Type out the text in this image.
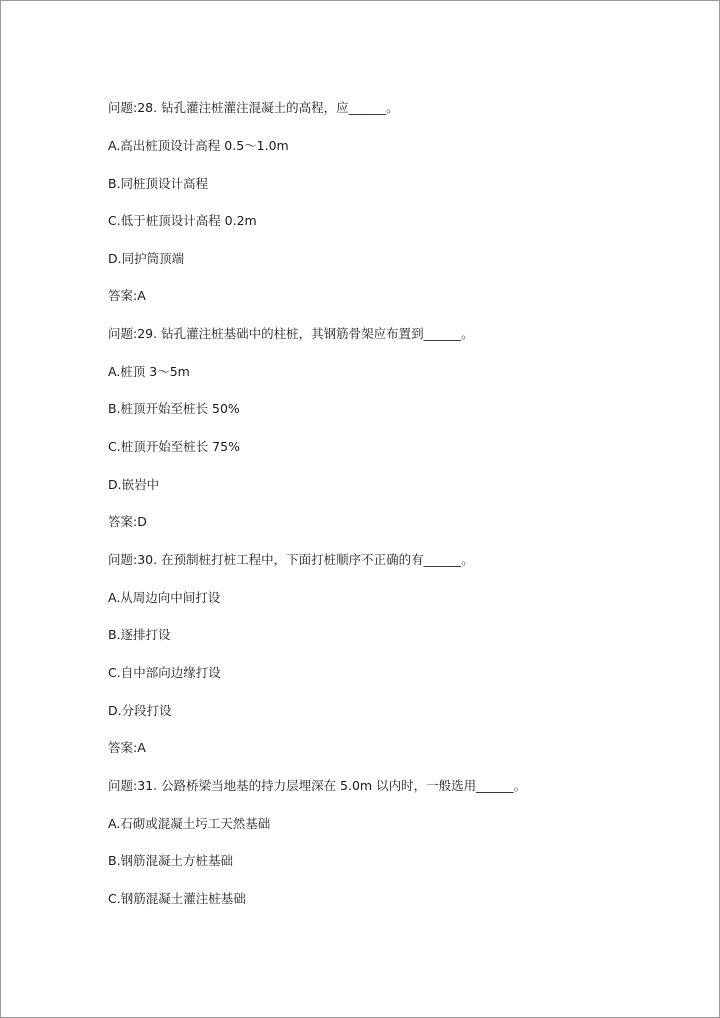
问题:28. 钻孔灌注桩灌注混凝土的高程，应______。
A.高出桩顶设计高程 0.5～1.0m
B.同桩顶设计高程
C.低于桩顶设计高程 0.2m
D.同护筒顶端
答案:A
问题:29. 钻孔灌注桩基础中的柱桩，其钢筋骨架应布置到______。
A.桩顶 3～5m
B.桩顶开始至桩长 50%
C.桩顶开始至桩长 75%
D.嵌岩中
答案:D
问题:30. 在预制桩打桩工程中，下面打桩顺序不正确的有______。
A.从周边向中间打设
B.逐排打设
C.自中部向边缘打设
D.分段打设
答案:A
问题:31. 公路桥梁当地基的持力层埋深在 5.0m 以内时，一般选用______。
A.石砌或混凝土圬工天然基础
B.钢筋混凝土方桩基础
C.钢筋混凝土灌注桩基础
